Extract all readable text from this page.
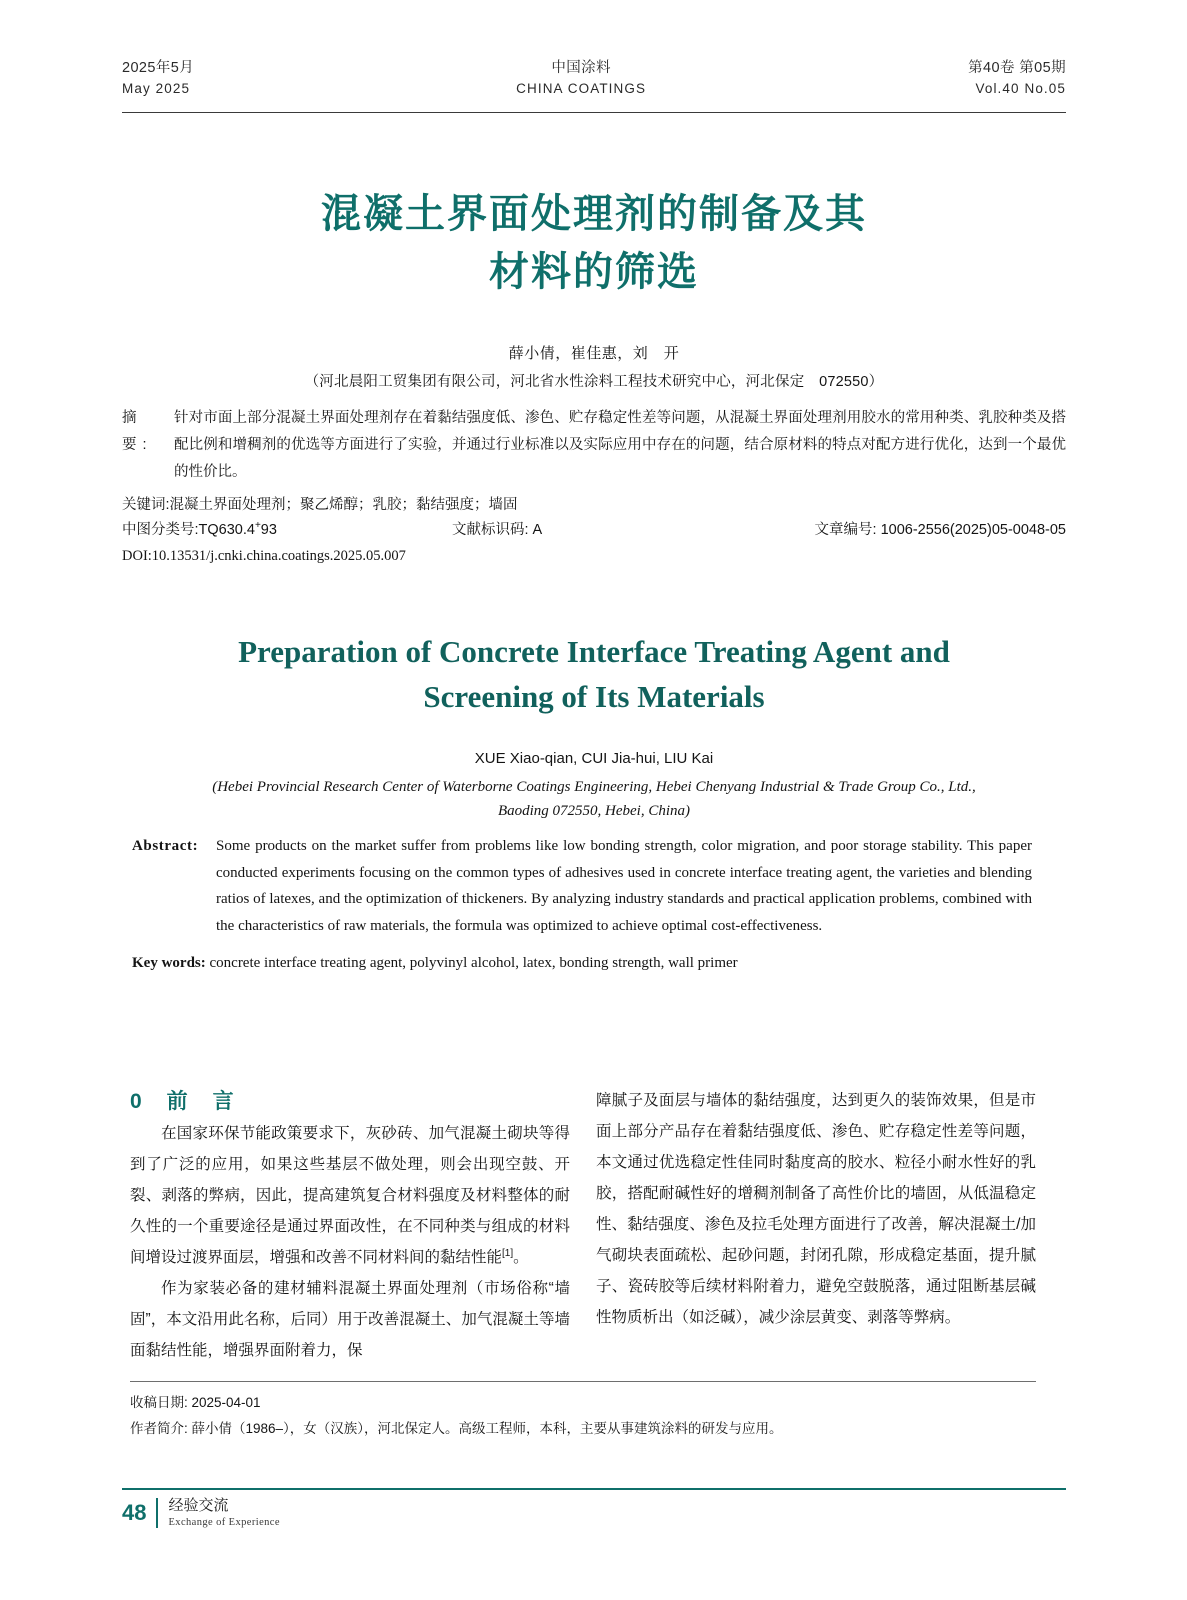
2025年5月
May 2025
中国涂料
CHINA COATINGS
第40卷 第05期
Vol.40 No.05
混凝土界面处理剂的制备及其
材料的筛选
薛小倩，崔佳惠，刘　开
（河北晨阳工贸集团有限公司，河北省水性涂料工程技术研究中心，河北保定　072550）
摘　要:
针对市面上部分混凝土界面处理剂存在着黏结强度低、渗色、贮存稳定性差等问题，从混凝土界面处理剂用胶水的常用种类、乳胶种类及搭配比例和增稠剂的优选等方面进行了实验，并通过行业标准以及实际应用中存在的问题，结合原材料的特点对配方进行优化，达到一个最优的性价比。
关键词:混凝土界面处理剂；聚乙烯醇；乳胶；黏结强度；墙固
中图分类号:TQ630.4+93	文献标识码: A	文章编号: 1006-2556(2025)05-0048-05
DOI:10.13531/j.cnki.china.coatings.2025.05.007
Preparation of Concrete Interface Treating Agent and
Screening of Its Materials
XUE Xiao-qian, CUI Jia-hui, LIU Kai
(Hebei Provincial Research Center of Waterborne Coatings Engineering, Hebei Chenyang Industrial & Trade Group Co., Ltd.,
Baoding 072550, Hebei, China)
Abstract: Some products on the market suffer from problems like low bonding strength, color migration, and poor storage stability. This paper conducted experiments focusing on the common types of adhesives used in concrete interface treating agent, the varieties and blending ratios of latexes, and the optimization of thickeners. By analyzing industry standards and practical application problems, combined with the characteristics of raw materials, the formula was optimized to achieve optimal cost-effectiveness.
Key words: concrete interface treating agent, polyvinyl alcohol, latex, bonding strength, wall primer
0　前　言

在国家环保节能政策要求下，灰砂砖、加气混凝土砌块等得到了广泛的应用，如果这些基层不做处理，则会出现空鼓、开裂、剥落的弊病，因此，提高建筑复合材料强度及材料整体的耐久性的一个重要途径是通过界面改性，在不同种类与组成的材料间增设过渡界面层，增强和改善不同材料间的黏结性能[1]。

作为家装必备的建材辅料混凝土界面处理剂（市场俗称“墙固”，本文沿用此名称，后同）用于改善混凝土、加气混凝土等墙面黏结性能，增强界面附着力，保

障腻子及面层与墙体的黏结强度，达到更久的装饰效果，但是市面上部分产品存在着黏结强度低、渗色、贮存稳定性差等问题，本文通过优选稳定性佳同时黏度高的胶水、粒径小耐水性好的乳胶，搭配耐碱性好的增稠剂制备了高性价比的墙固，从低温稳定性、黏结强度、渗色及拉毛处理方面进行了改善，解决混凝土/加气砌块表面疏松、起砂问题，封闭孔隙，形成稳定基面，提升腻子、瓷砖胶等后续材料附着力，避免空鼓脱落，通过阻断基层碱性物质析出（如泛碱），减少涂层黄变、剥落等弊病。

收稿日期: 2025-04-01
作者简介: 薛小倩（1986–），女（汉族），河北保定人。高级工程师，本科，主要从事建筑涂料的研发与应用。
48 经验交流
Exchange of Experience
